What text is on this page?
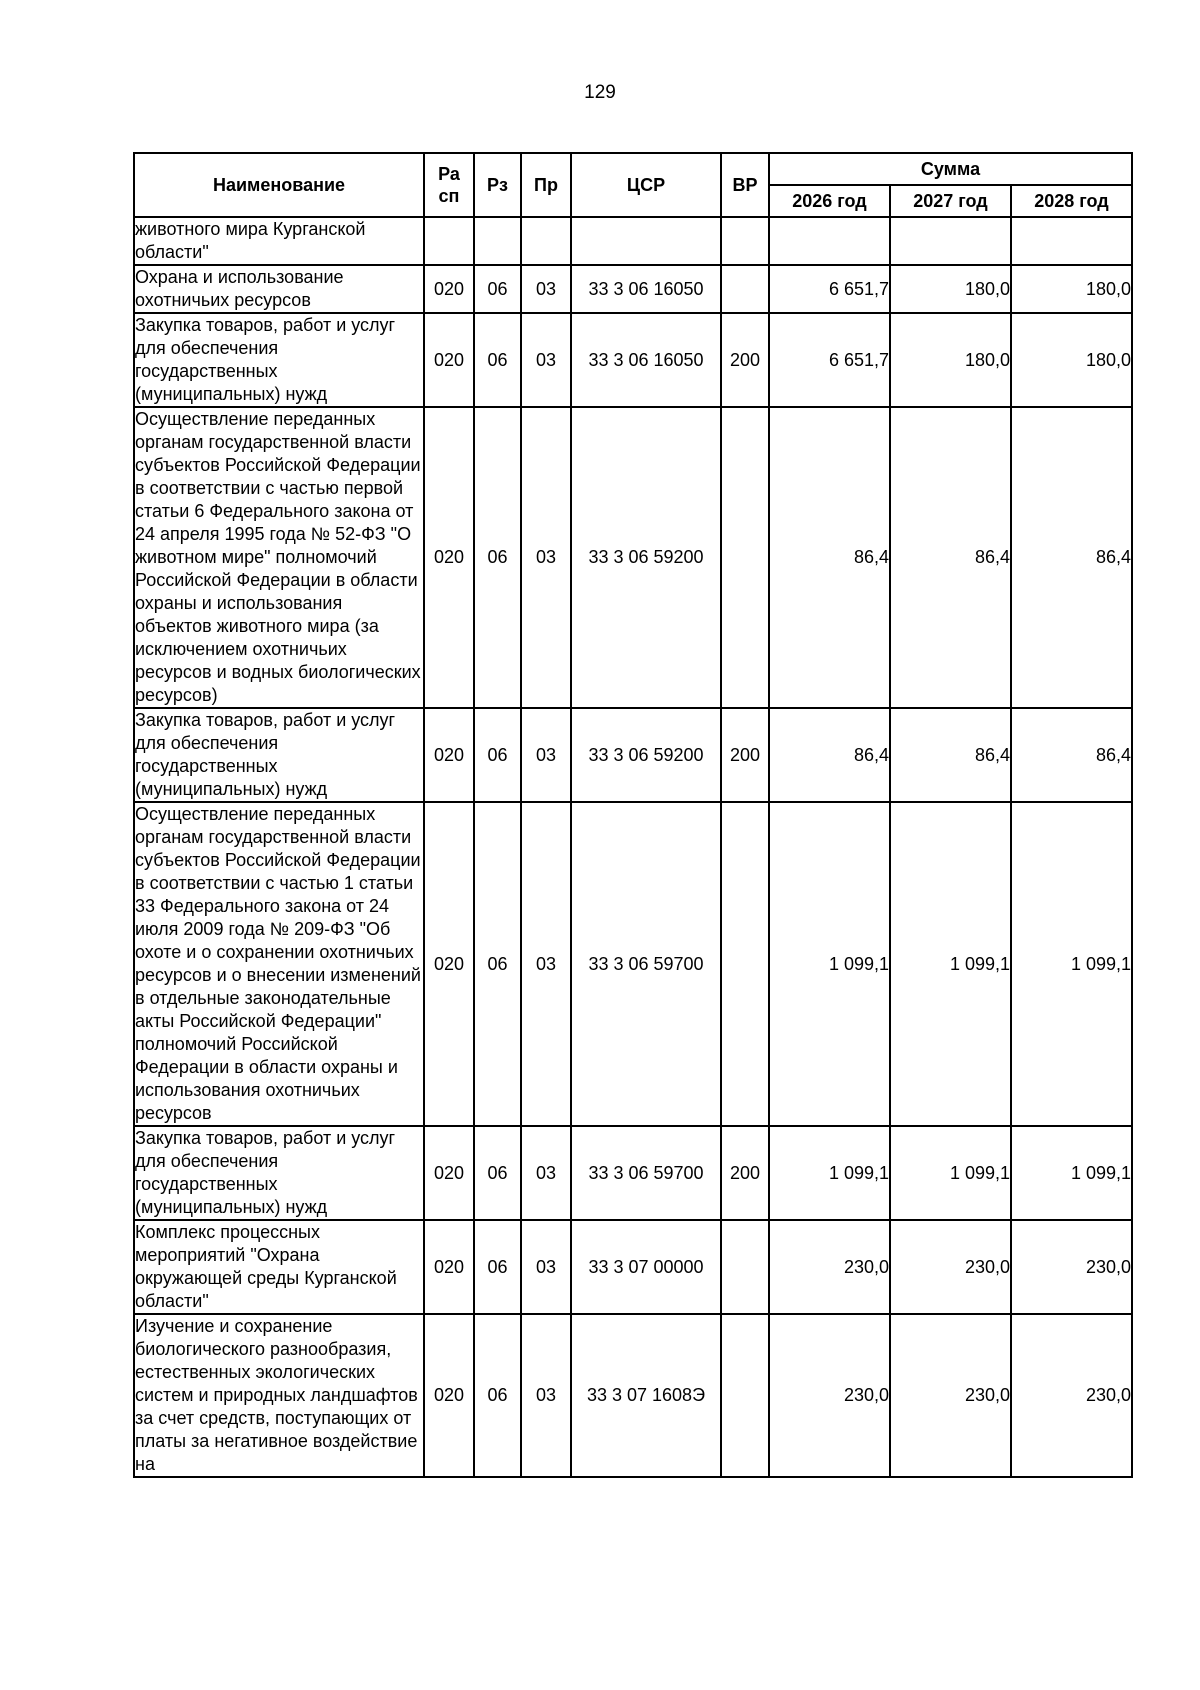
129
Наименование	Ра сп	Рз	Пр	ЦСР	ВР	Сумма		
						2026 год	2027 год	2028 год
животного мира Курганской области"								
Охрана и использование охотничьих ресурсов	020	06	03	33 3 06 16050		6 651,7	180,0	180,0
Закупка товаров, работ и услуг для обеспечения государственных (муниципальных) нужд	020	06	03	33 3 06 16050	200	6 651,7	180,0	180,0
Осуществление переданных органам государственной власти субъектов Российской Федерации в соответствии с частью первой статьи 6 Федерального закона от 24 апреля 1995 года № 52-ФЗ "О животном мире" полномочий Российской Федерации в области охраны и использования объектов животного мира (за исключением охотничьих ресурсов и водных биологических ресурсов)	020	06	03	33 3 06 59200		86,4	86,4	86,4
Закупка товаров, работ и услуг для обеспечения государственных (муниципальных) нужд	020	06	03	33 3 06 59200	200	86,4	86,4	86,4
Осуществление переданных органам государственной власти субъектов Российской Федерации в соответствии с частью 1 статьи 33 Федерального закона от 24 июля 2009 года № 209-ФЗ "Об охоте и о сохранении охотничьих ресурсов и о внесении изменений в отдельные законодательные акты Российской Федерации" полномочий Российской Федерации в области охраны и использования охотничьих ресурсов	020	06	03	33 3 06 59700		1 099,1	1 099,1	1 099,1
Закупка товаров, работ и услуг для обеспечения государственных (муниципальных) нужд	020	06	03	33 3 06 59700	200	1 099,1	1 099,1	1 099,1
Комплекс процессных мероприятий "Охрана окружающей среды Курганской области"	020	06	03	33 3 07 00000		230,0	230,0	230,0
Изучение и сохранение биологического разнообразия, естественных экологических систем и природных ландшафтов за счет средств, поступающих от платы за негативное воздействие на	020	06	03	33 3 07 1608Э		230,0	230,0	230,0
